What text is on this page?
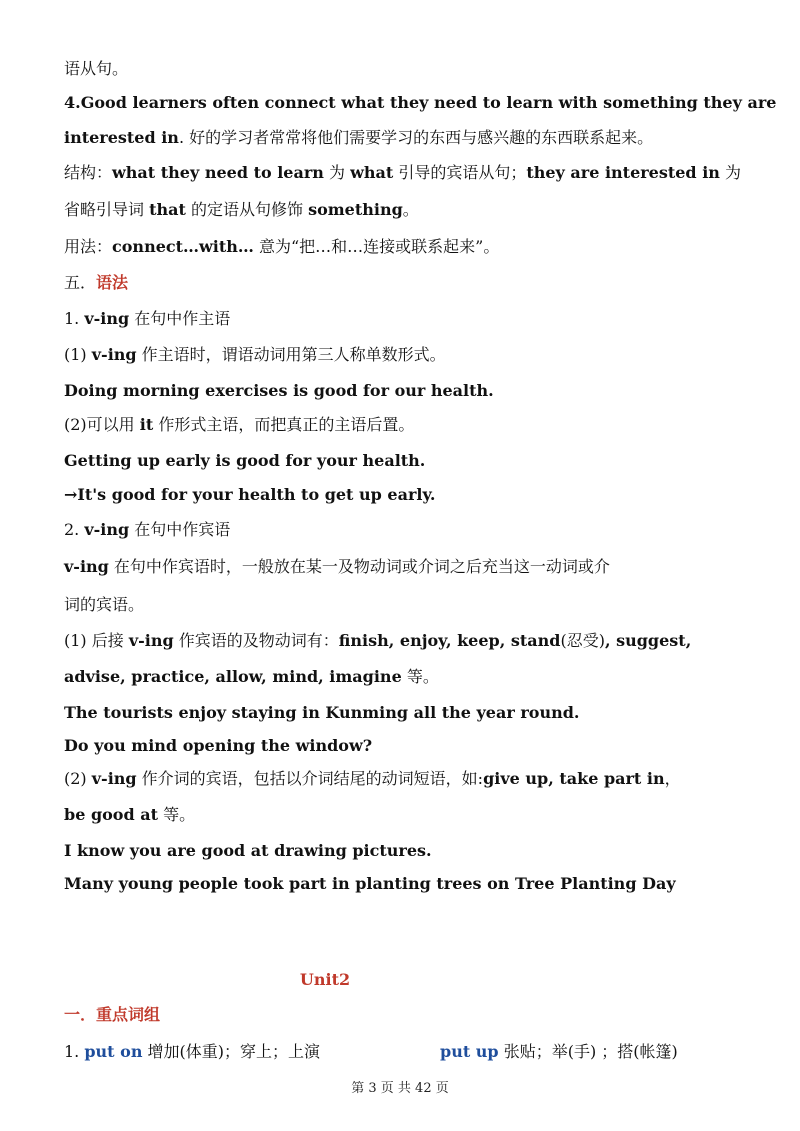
语从句。
4.Good learners often connect what they need to learn with something they are
interested in. 好的学习者常常将他们需要学习的东西与感兴趣的东西联系起来。
结构：what they need to learn 为 what 引导的宾语从句；they are interested in 为
省略引导词 that 的定语从句修饰 something。
用法：connect…with… 意为“把…和…连接或联系起来”。
五．语法
1. v-ing 在句中作主语
(1) v-ing 作主语时，谓语动词用第三人称单数形式。
Doing morning exercises is good for our health.
(2)可以用 it 作形式主语，而把真正的主语后置。
Getting up early is good for your health.
→It's good for your health to get up early.
2. v-ing 在句中作宾语
v-ing 在句中作宾语时，一般放在某一及物动词或介词之后充当这一动词或介
词的宾语。
(1) 后接 v-ing 作宾语的及物动词有：finish, enjoy, keep, stand(忍受), suggest,
advise, practice, allow, mind, imagine 等。
The tourists enjoy staying in Kunming all the year round.
Do you mind opening the window?
(2) v-ing 作介词的宾语，包括以介词结尾的动词短语，如:give up, take part in，
be good at 等。
I know you are good at drawing pictures.
Many young people took part in planting trees on Tree Planting Day
Unit2
一．重点词组
1. put on 增加(体重)；穿上；上演	put up 张贴；举(手) ；搭(帐篷)
第 3 页 共 42 页
